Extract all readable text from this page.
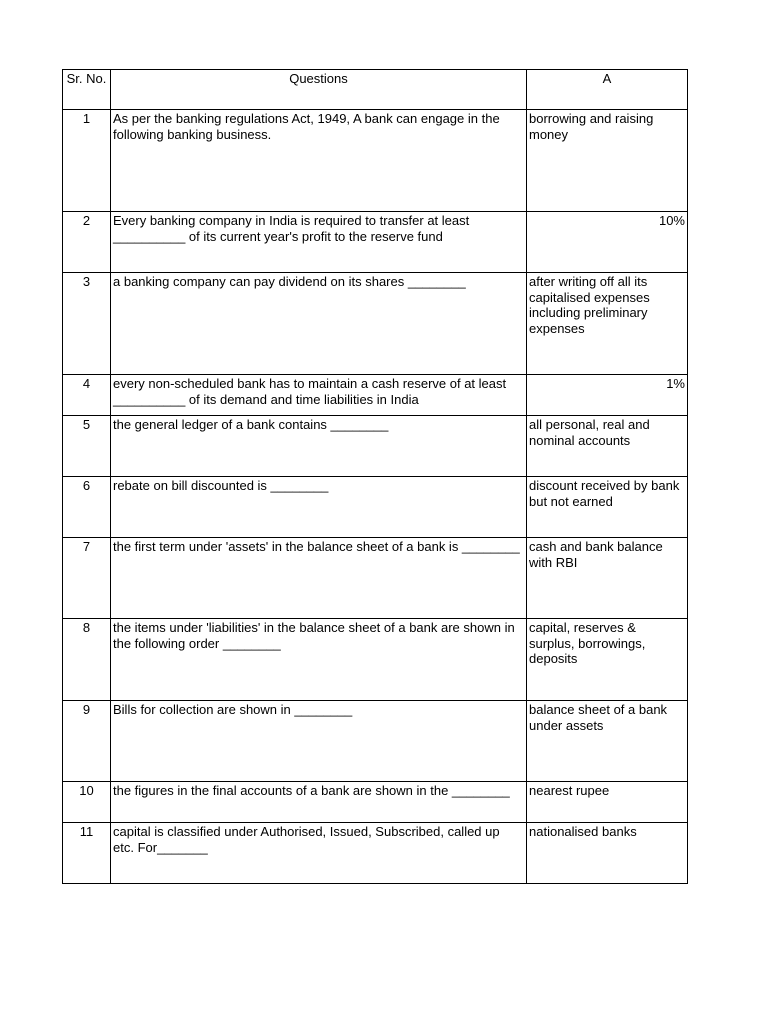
Sr. No.	Questions	A
1	As per the banking regulations Act, 1949, A bank can engage in the following banking business.	borrowing and raising money
2	Every banking company in India is required to transfer at least __________ of its current year's profit to the reserve fund	10%
3	a banking company can pay dividend on its shares ________	after writing off all its capitalised expenses including preliminary expenses
4	every non-scheduled bank has to maintain a cash reserve of at least __________ of its demand and time liabilities in India	1%
5	the general ledger of a bank contains ________	all personal, real and nominal accounts
6	rebate on bill discounted is ________	discount received by bank but not earned
7	the first term under 'assets' in the balance sheet of a bank is ________	cash and bank balance with RBI
8	the items under 'liabilities' in the balance sheet of a bank are shown in the following order ________	capital, reserves & surplus, borrowings, deposits
9	Bills for collection are shown in ________	balance sheet of a bank under assets
10	the figures in the final accounts of a bank are shown in the ________	nearest rupee
11	capital is classified under Authorised, Issued, Subscribed, called up etc. For_______	nationalised banks
